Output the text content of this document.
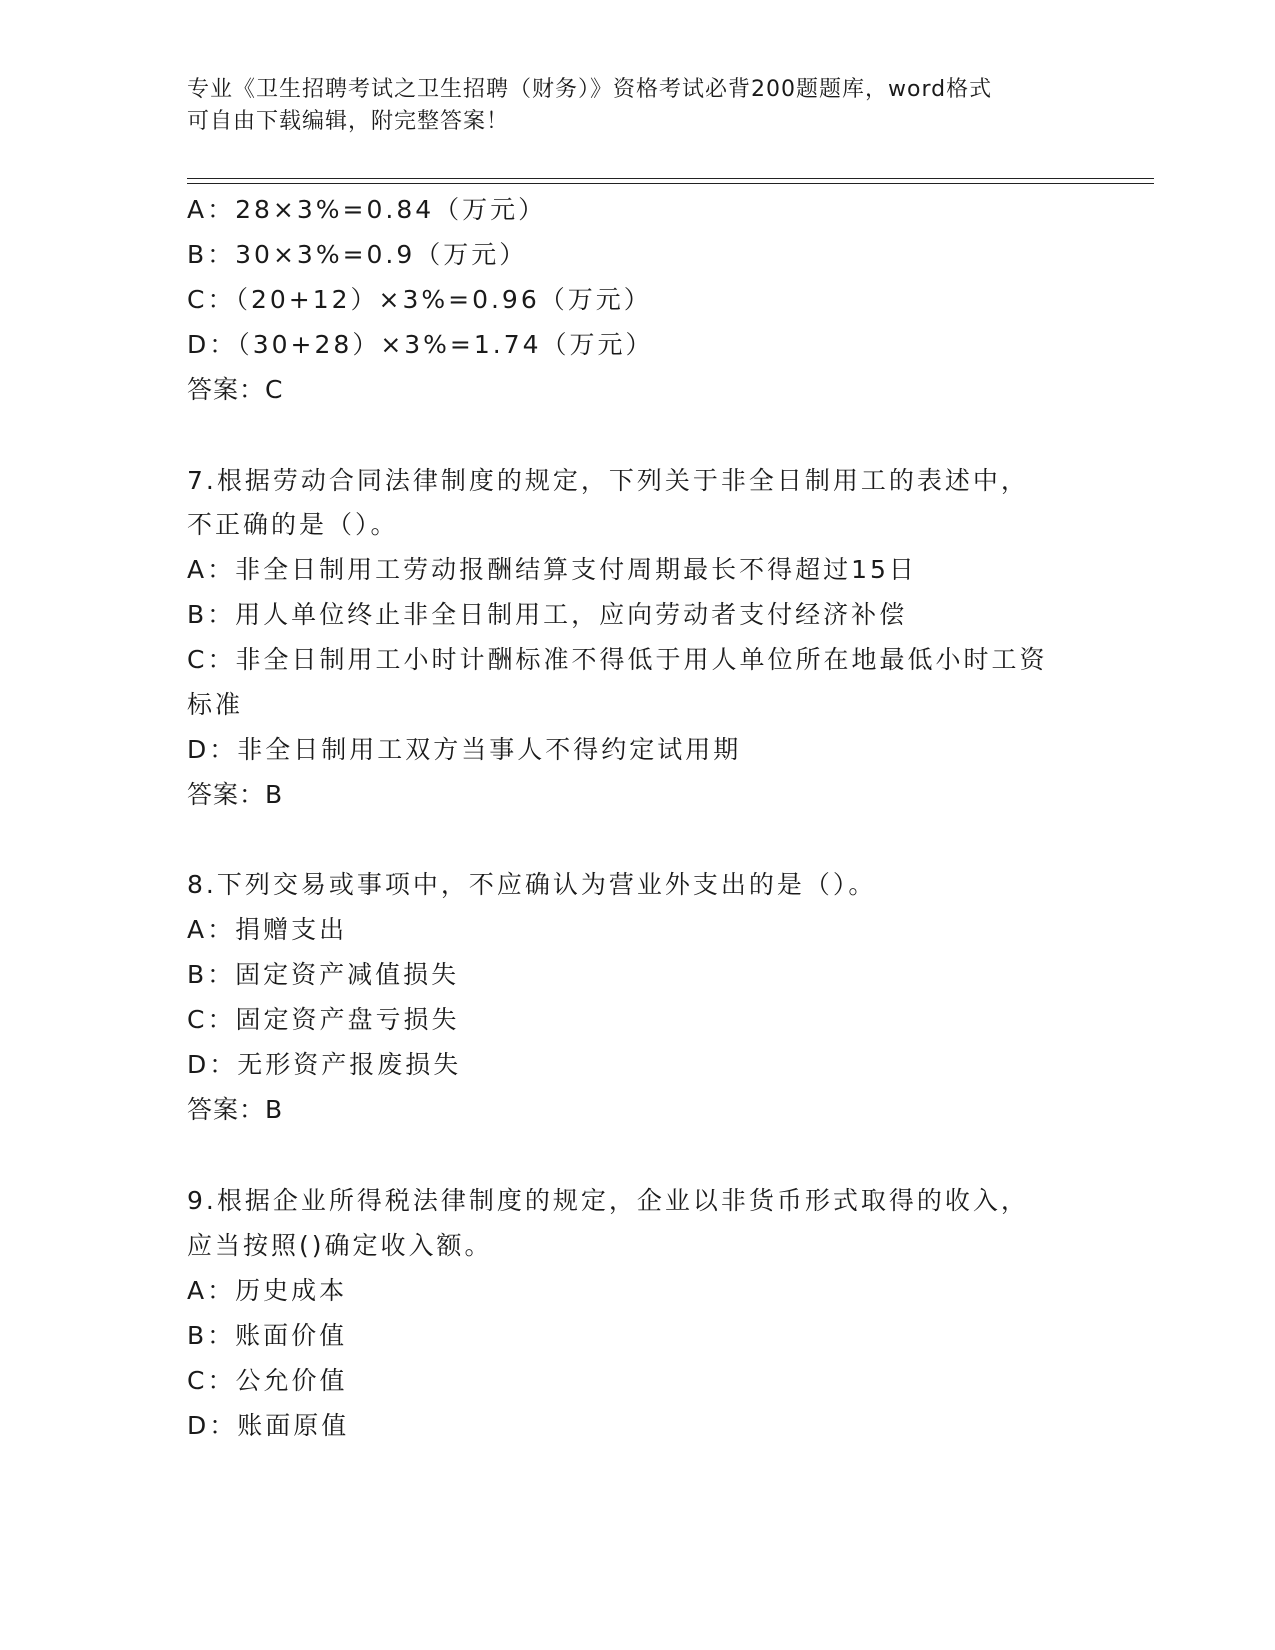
专业《卫生招聘考试之卫生招聘（财务）》资格考试必背200题题库，word格式
可自由下载编辑，附完整答案！
A：28×3%=0.84（万元）
B：30×3%=0.9（万元）
C：（20+12）×3%=0.96（万元）
D：（30+28）×3%=1.74（万元）
答案：C
7.根据劳动合同法律制度的规定，下列关于非全日制用工的表述中，
不正确的是（）。
A：非全日制用工劳动报酬结算支付周期最长不得超过15日
B：用人单位终止非全日制用工，应向劳动者支付经济补偿
C：非全日制用工小时计酬标准不得低于用人单位所在地最低小时工资
标准
D：非全日制用工双方当事人不得约定试用期
答案：B
8.下列交易或事项中，不应确认为营业外支出的是（）。
A：捐赠支出
B：固定资产减值损失
C：固定资产盘亏损失
D：无形资产报废损失
答案：B
9.根据企业所得税法律制度的规定，企业以非货币形式取得的收入，
应当按照()确定收入额。
A：历史成本
B：账面价值
C：公允价值
D：账面原值
